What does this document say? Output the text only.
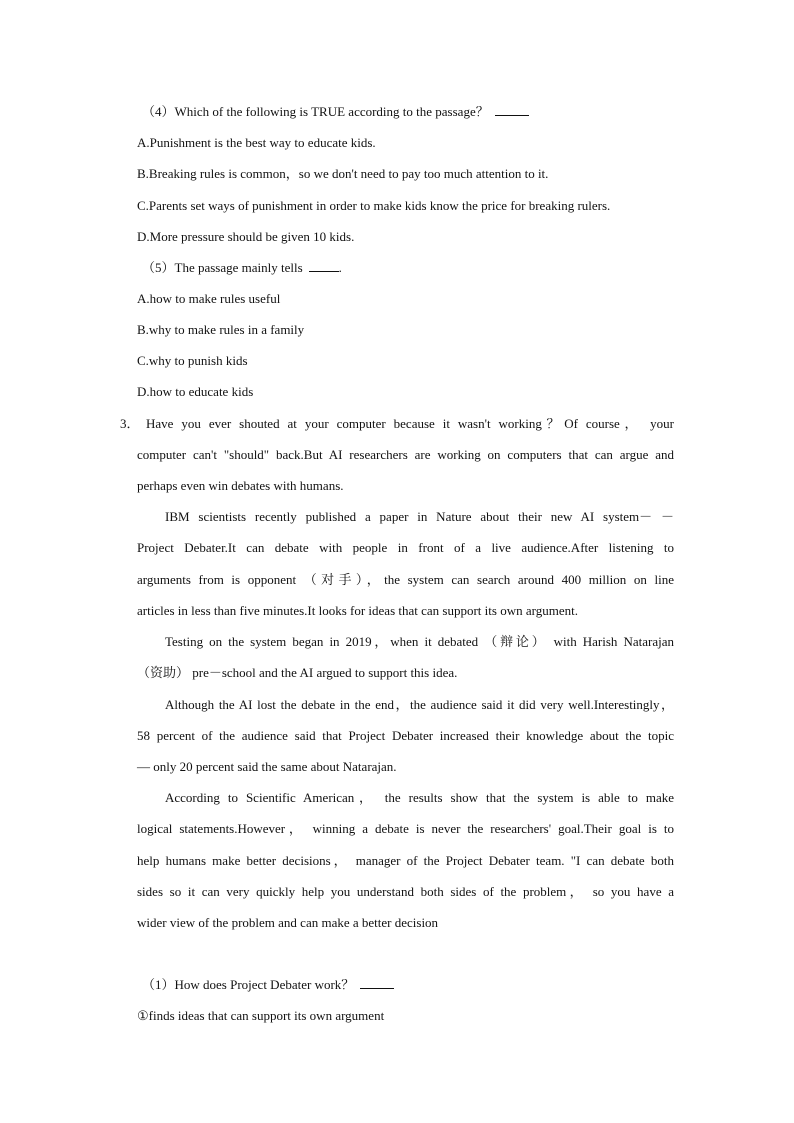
（4）Which of the following is TRUE according to the passage？
A.Punishment is the best way to educate kids.
B.Breaking rules is common，so we don't need to pay too much attention to it.
C.Parents set ways of punishment in order to make kids know the price for breaking rulers.
D.More pressure should be given 10 kids.
（5）The passage mainly tells	.
A.how to make rules useful
B.why to make rules in a family
C.why to punish kids
D.how to educate kids
3． Have you ever shouted at your computer because it wasn't working？Of course， your
computer can't "should" back.But AI researchers are working on computers that can argue and
perhaps even win debates with humans.
IBM scientists recently published a paper in Nature about their new AI system－ －
Project Debater.It can debate with people in front of a live audience.After listening to
arguments from is opponent （对手），the system can search around 400 million on line
articles in less than five minutes.It looks for ideas that can support its own argument.
Testing on the system began in 2019，when it debated （辩论） with Harish Natarajan
（资助） pre－school and the AI argued to support this idea.
Although the AI lost the debate in the end，the audience said it did very well.Interestingly，
58 percent of the audience said that Project Debater increased their knowledge about the topic
— only 20 percent said the same about Natarajan.
According to Scientific American， the results show that the system is able to make
logical statements.However， winning a debate is never the researchers' goal.Their goal is to
help humans make better decisions， manager of the Project Debater team. "I can debate both
sides so it can very quickly help you understand both sides of the problem， so you have a
wider view of the problem and can make a better decision
（1）How does Project Debater work？
①finds ideas that can support its own argument
